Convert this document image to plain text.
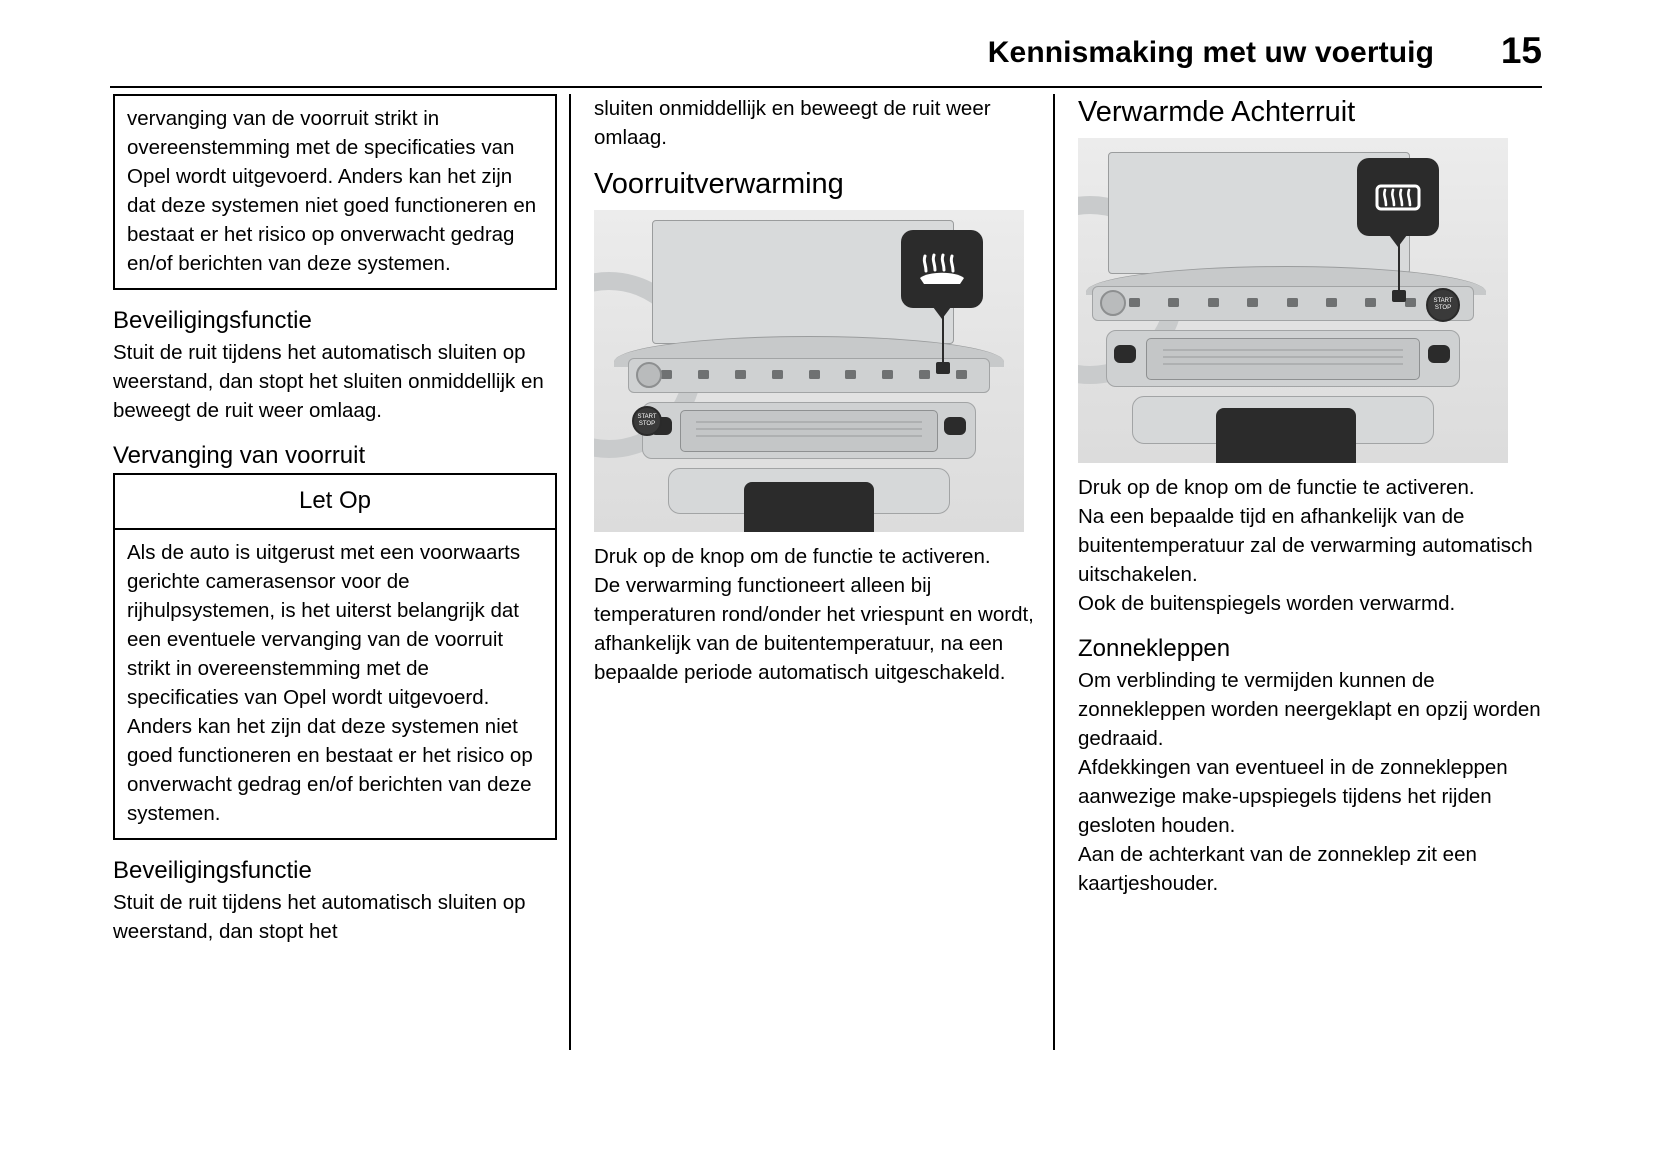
Kennismaking met uw voertuig 15

vervanging van de voorruit strikt in overeenstemming met de specificaties van Opel wordt uitgevoerd. Anders kan het zijn dat deze systemen niet goed functioneren en bestaat er het risico op onverwacht gedrag en/of berichten van deze systemen.

Beveiligingsfunctie

Stuit de ruit tijdens het automatisch sluiten op weerstand, dan stopt het sluiten onmiddellijk en beweegt de ruit weer omlaag.

Vervanging van voorruit
Let Op

Als de auto is uitgerust met een voorwaarts gerichte camerasensor voor de rijhulpsystemen, is het uiterst belangrijk dat een eventuele vervanging van de voorruit strikt in overeenstemming met de specificaties van Opel wordt uitgevoerd. Anders kan het zijn dat deze systemen niet goed functioneren en bestaat er het risico op onverwacht gedrag en/of berichten van deze systemen.

Beveiligingsfunctie

Stuit de ruit tijdens het automatisch sluiten op weerstand, dan stopt het

sluiten onmiddellijk en beweegt de ruit weer omlaag.

Voorruitverwarming
START
STOP

Druk op de knop om de functie te activeren.

De verwarming functioneert alleen bij temperaturen rond/onder het vriespunt en wordt, afhankelijk van de buitentemperatuur, na een bepaalde periode automatisch uitgeschakeld.

Verwarmde Achterruit
START
STOP

Druk op de knop om de functie te activeren.

Na een bepaalde tijd en afhankelijk van de buitentemperatuur zal de verwarming automatisch uitschakelen.

Ook de buitenspiegels worden verwarmd.

Zonnekleppen

Om verblinding te vermijden kunnen de zonnekleppen worden neergeklapt en opzij worden gedraaid.

Afdekkingen van eventueel in de zonnekleppen aanwezige make-upspiegels tijdens het rijden gesloten houden.

Aan de achterkant van de zonneklep zit een kaartjeshouder.
